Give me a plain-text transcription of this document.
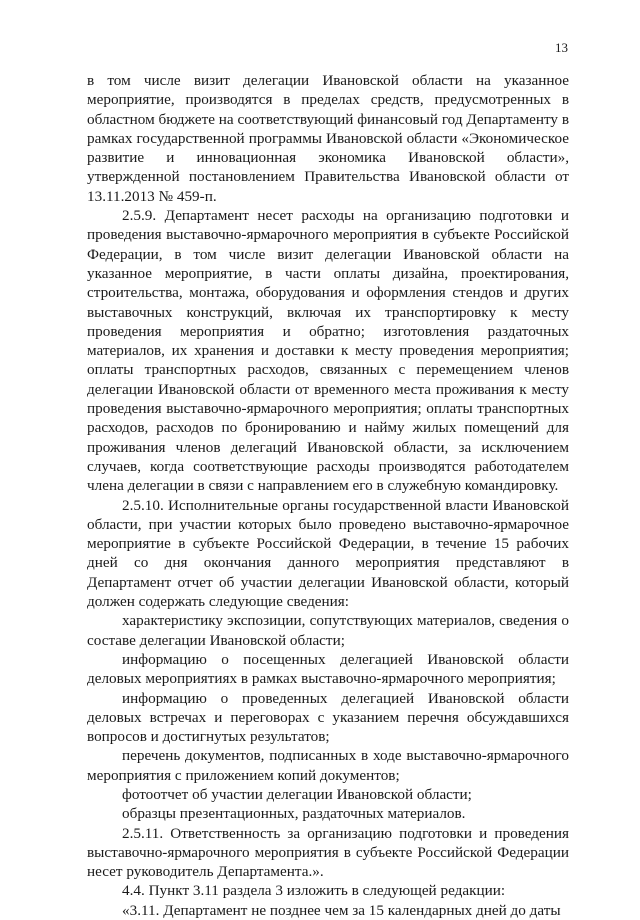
13

в том числе визит делегации Ивановской области на указанное мероприятие, производятся в пределах средств, предусмотренных в областном бюджете на соответствующий финансовый год Департаменту в рамках государственной программы Ивановской области «Экономическое развитие и инновационная экономика Ивановской области», утвержденной постановлением Правительства Ивановской области от 13.11.2013 № 459-п.

2.5.9. Департамент несет расходы на организацию подготовки и проведения выставочно-ярмарочного мероприятия в субъекте Российской Федерации, в том числе визит делегации Ивановской области на указанное мероприятие, в части оплаты дизайна, проектирования, строительства, монтажа, оборудования и оформления стендов и других выставочных конструкций, включая их транспортировку к месту проведения мероприятия и обратно; изготовления раздаточных материалов, их хранения и доставки к месту проведения мероприятия; оплаты транспортных расходов, связанных с перемещением членов делегации Ивановской области от временного места проживания к месту проведения выставочно-ярмарочного мероприятия; оплаты транспортных расходов, расходов по бронированию и найму жилых помещений для проживания членов делегаций Ивановской области, за исключением случаев, когда соответствующие расходы производятся работодателем члена делегации в связи с направлением его в служебную командировку.

2.5.10. Исполнительные органы государственной власти Ивановской области, при участии которых было проведено выставочно-ярмарочное мероприятие в субъекте Российской Федерации, в течение 15 рабочих дней со дня окончания данного мероприятия представляют в Департамент отчет об участии делегации Ивановской области, который должен содержать следующие сведения:

характеристику экспозиции, сопутствующих материалов, сведения о составе делегации Ивановской области;

информацию о посещенных делегацией Ивановской области деловых мероприятиях в рамках выставочно-ярмарочного мероприятия;

информацию о проведенных делегацией Ивановской области деловых встречах и переговорах с указанием перечня обсуждавшихся вопросов и достигнутых результатов;

перечень документов, подписанных в ходе выставочно-ярмарочного мероприятия с приложением копий документов;

фотоотчет об участии делегации Ивановской области;

образцы презентационных, раздаточных материалов.

2.5.11. Ответственность за организацию подготовки и проведения выставочно-ярмарочного мероприятия в субъекте Российской Федерации несет руководитель Департамента.».

4.4. Пункт 3.11 раздела 3 изложить в следующей редакции:

«3.11. Департамент не позднее чем за 15 календарных дней до даты
